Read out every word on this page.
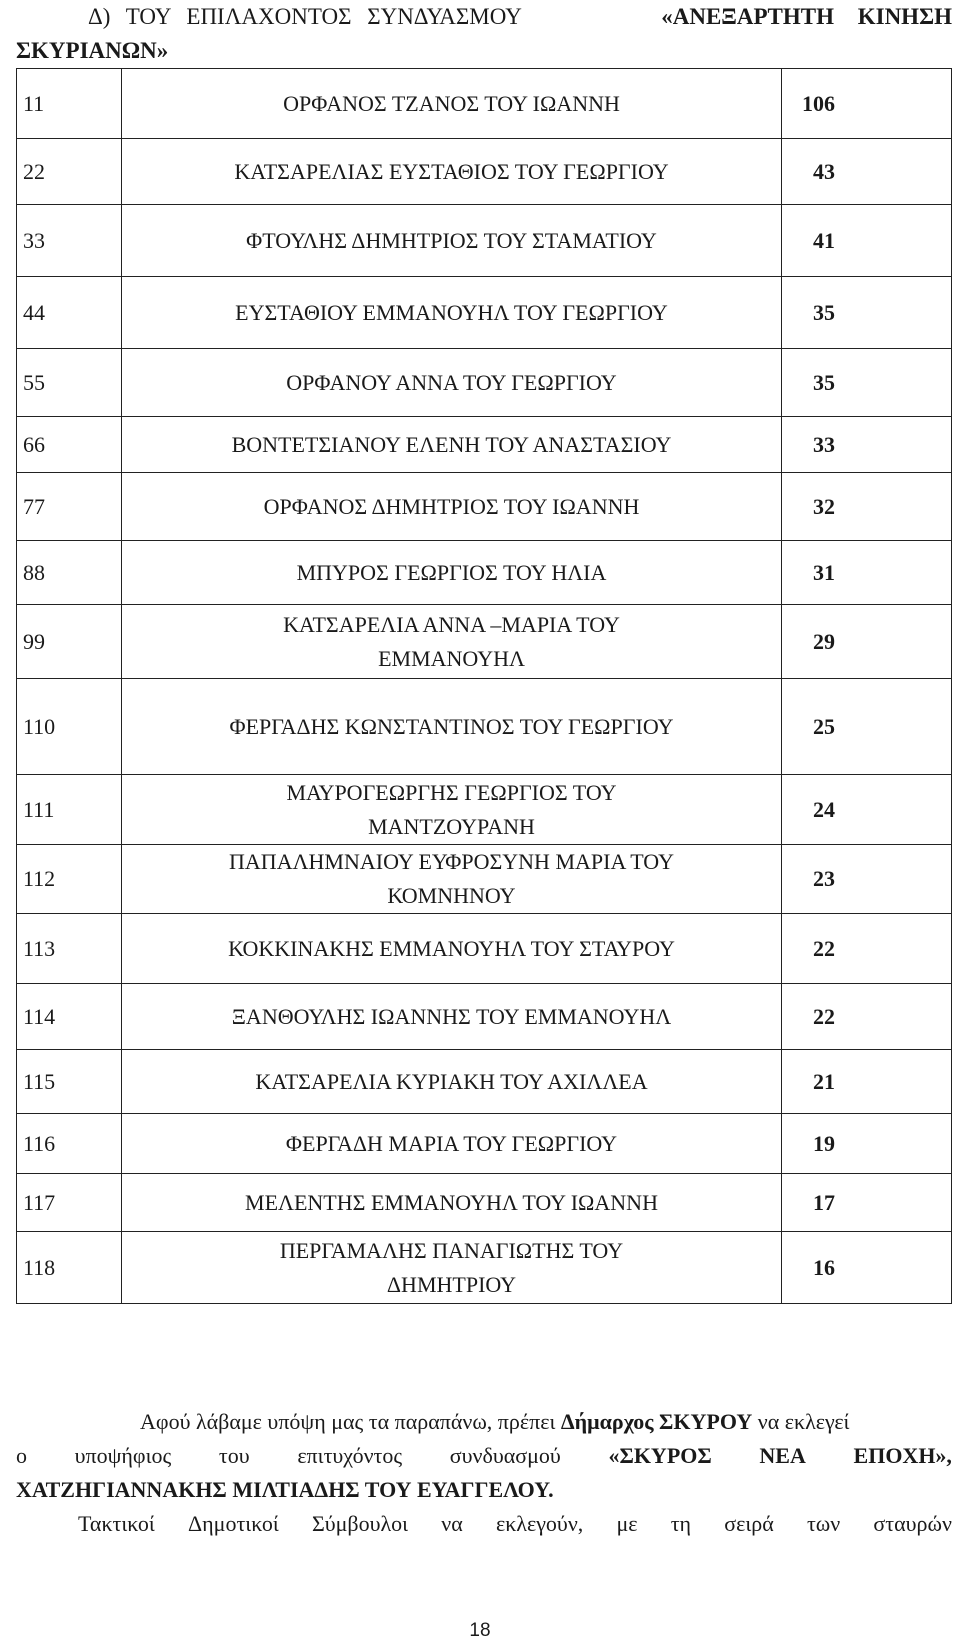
Δ) ΤΟΥ ΕΠΙΛΑΧΟΝΤΟΣ ΣΥΝΔΥΑΣΜΟΥ	«ΑΝΕΞΑΡΤΗΤΗ ΚΙΝΗΣΗ
ΣΚΥΡΙΑΝΩΝ»
11	ΟΡΦΑΝΟΣ ΤΖΑΝΟΣ ΤΟΥ ΙΩΑΝΝΗ	106

22	ΚΑΤΣΑΡΕΛΙΑΣ ΕΥΣΤΑΘΙΟΣ ΤΟΥ ΓΕΩΡΓΙΟΥ	43

33	ΦΤΟΥΛΗΣ ΔΗΜΗΤΡΙΟΣ ΤΟΥ ΣΤΑΜΑΤΙΟΥ	41

44	ΕΥΣΤΑΘΙΟΥ ΕΜΜΑΝΟΥΗΛ ΤΟΥ ΓΕΩΡΓΙΟΥ	35

55	ΟΡΦΑΝΟΥ ΑΝΝΑ ΤΟΥ ΓΕΩΡΓΙΟΥ	35

66	ΒΟΝΤΕΤΣΙΑΝΟΥ ΕΛΕΝΗ ΤΟΥ ΑΝΑΣΤΑΣΙΟΥ	33

77	ΟΡΦΑΝΟΣ ΔΗΜΗΤΡΙΟΣ ΤΟΥ ΙΩΑΝΝΗ	32

88	ΜΠΥΡΟΣ ΓΕΩΡΓΙΟΣ ΤΟΥ ΗΛΙΑ	31

99	ΚΑΤΣΑΡΕΛΙΑ ΑΝΝΑ –ΜΑΡΙΑ ΤΟΥ
ΕΜΜΑΝΟΥΗΛ	29

110	ΦΕΡΓΑΔΗΣ ΚΩΝΣΤΑΝΤΙΝΟΣ ΤΟΥ ΓΕΩΡΓΙΟΥ	25

111	ΜΑΥΡΟΓΕΩΡΓΗΣ ΓΕΩΡΓΙΟΣ ΤΟΥ
ΜΑΝΤΖΟΥΡΑΝΗ	24

112	ΠΑΠΑΛΗΜΝΑΙΟΥ ΕΥΦΡΟΣΥΝΗ ΜΑΡΙΑ ΤΟΥ
ΚΟΜΝΗΝΟΥ	23

113	ΚΟΚΚΙΝΑΚΗΣ ΕΜΜΑΝΟΥΗΛ ΤΟΥ ΣΤΑΥΡΟΥ	22

114	ΞΑΝΘΟΥΛΗΣ ΙΩΑΝΝΗΣ ΤΟΥ ΕΜΜΑΝΟΥΗΛ	22

115	ΚΑΤΣΑΡΕΛΙΑ ΚΥΡΙΑΚΗ ΤΟΥ ΑΧΙΛΛΕΑ	21

116	ΦΕΡΓΑΔΗ ΜΑΡΙΑ ΤΟΥ ΓΕΩΡΓΙΟΥ	19

117	ΜΕΛΕΝΤΗΣ ΕΜΜΑΝΟΥΗΛ ΤΟΥ ΙΩΑΝΝΗ	17

118	ΠΕΡΓΑΜΑΛΗΣ ΠΑΝΑΓΙΩΤΗΣ ΤΟΥ
ΔΗΜΗΤΡΙΟΥ	16
Αφού λάβαμε υπόψη μας τα παραπάνω, πρέπει Δήμαρχος ΣΚΥΡΟΥ να εκλεγεί
ο υποψήφιος του επιτυχόντος συνδυασμού «ΣΚΥΡΟΣ ΝΕΑ ΕΠΟΧΗ»,
ΧΑΤΖΗΓΙΑΝΝΑΚΗΣ ΜΙΛΤΙΑΔΗΣ ΤΟΥ ΕΥΑΓΓΕΛΟΥ.
Τακτικοί Δημοτικοί Σύμβουλοι να εκλεγούν, με τη σειρά των σταυρών
18
